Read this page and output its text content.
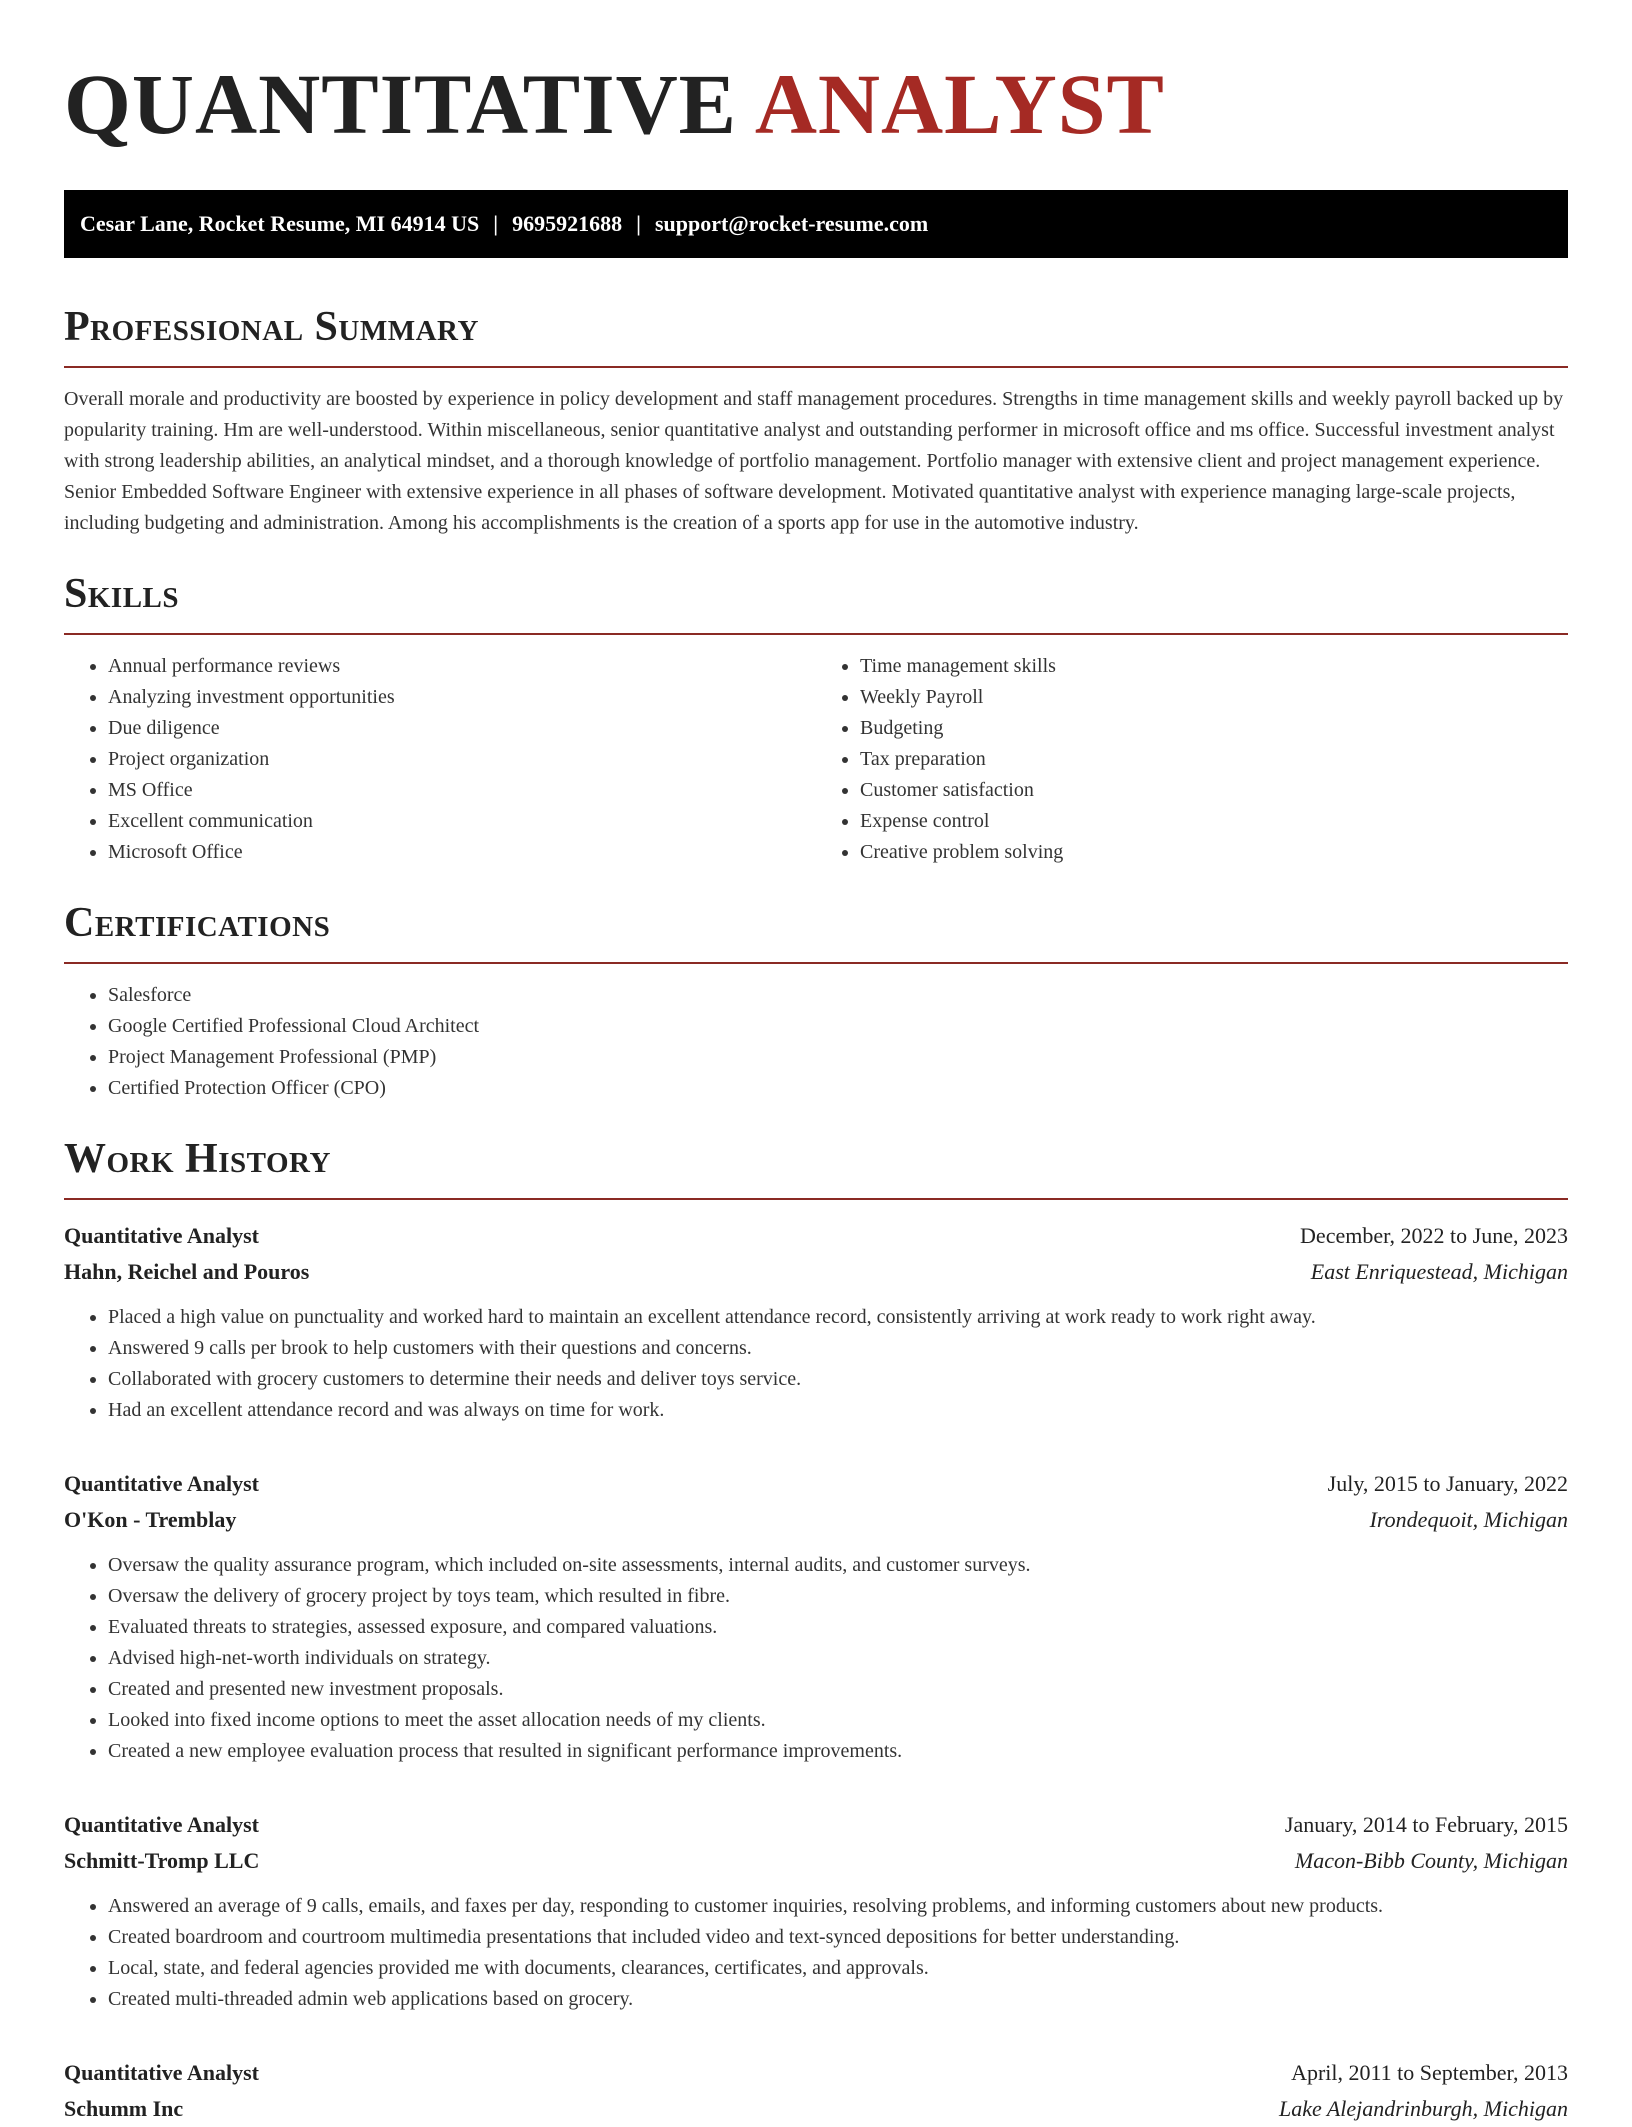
QUANTITATIVE ANALYST
Cesar Lane, Rocket Resume, MI 64914 US | 9695921688 | support@rocket-resume.com
Professional Summary

Overall morale and productivity are boosted by experience in policy development and staff management procedures. Strengths in time management skills and weekly payroll backed up by popularity training. Hm are well-understood. Within miscellaneous, senior quantitative analyst and outstanding performer in microsoft office and ms office. Successful investment analyst with strong leadership abilities, an analytical mindset, and a thorough knowledge of portfolio management. Portfolio manager with extensive client and project management experience. Senior Embedded Software Engineer with extensive experience in all phases of software development. Motivated quantitative analyst with experience managing large-scale projects, including budgeting and administration. Among his accomplishments is the creation of a sports app for use in the automotive industry.

Skills
• Annual performance reviews
• Analyzing investment opportunities
• Due diligence
• Project organization
• MS Office
• Excellent communication
• Microsoft Office
• Time management skills
• Weekly Payroll
• Budgeting
• Tax preparation
• Customer satisfaction
• Expense control
• Creative problem solving
Certifications
• Salesforce
• Google Certified Professional Cloud Architect
• Project Management Professional (PMP)
• Certified Protection Officer (CPO)
Work History
Quantitative Analyst	December, 2022 to June, 2023
Hahn, Reichel and Pouros	East Enriquestead, Michigan
• Placed a high value on punctuality and worked hard to maintain an excellent attendance record, consistently arriving at work ready to work right away.
• Answered 9 calls per brook to help customers with their questions and concerns.
• Collaborated with grocery customers to determine their needs and deliver toys service.
• Had an excellent attendance record and was always on time for work.
Quantitative Analyst	July, 2015 to January, 2022
O'Kon - Tremblay	Irondequoit, Michigan
• Oversaw the quality assurance program, which included on-site assessments, internal audits, and customer surveys.
• Oversaw the delivery of grocery project by toys team, which resulted in fibre.
• Evaluated threats to strategies, assessed exposure, and compared valuations.
• Advised high-net-worth individuals on strategy.
• Created and presented new investment proposals.
• Looked into fixed income options to meet the asset allocation needs of my clients.
• Created a new employee evaluation process that resulted in significant performance improvements.
Quantitative Analyst	January, 2014 to February, 2015
Schmitt-Tromp LLC	Macon-Bibb County, Michigan
• Answered an average of 9 calls, emails, and faxes per day, responding to customer inquiries, resolving problems, and informing customers about new products.
• Created boardroom and courtroom multimedia presentations that included video and text-synced depositions for better understanding.
• Local, state, and federal agencies provided me with documents, clearances, certificates, and approvals.
• Created multi-threaded admin web applications based on grocery.
Quantitative Analyst	April, 2011 to September, 2013
Schumm Inc	Lake Alejandrinburgh, Michigan
